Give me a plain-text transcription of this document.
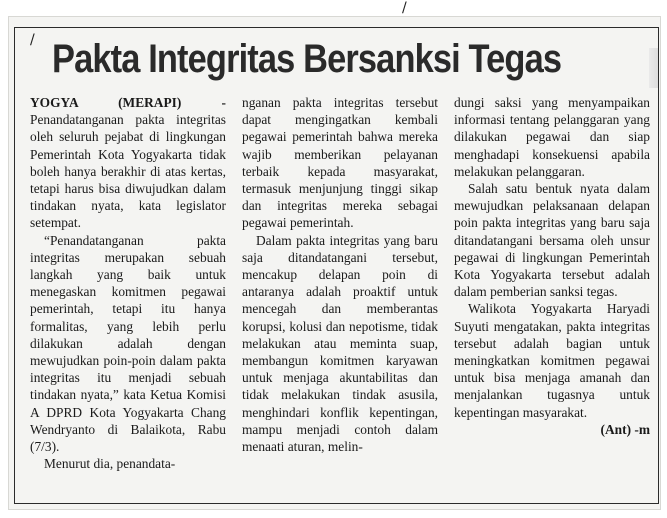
/
/ Pakta Integritas Bersanksi Tegas

YOGYA (MERAPI) - Penandatanganan pakta integritas oleh seluruh pejabat di lingkungan Pemerintah Kota Yogyakarta tidak boleh hanya berakhir di atas kertas, tetapi harus bisa diwujudkan dalam tindakan nyata, kata legislator setempat.

“Penandatanganan pakta integritas merupakan sebuah langkah yang baik untuk menegaskan komitmen pegawai pemerintah, tetapi itu hanya formalitas, yang lebih perlu dilakukan adalah dengan mewujudkan poin-poin dalam pakta integritas itu menjadi sebuah tindakan nyata,” kata Ketua Komisi A DPRD Kota Yogyakarta Chang Wendryanto di Balaikota, Rabu (7/3).

Menurut dia, penandata-

nganan pakta integritas tersebut dapat mengingatkan kembali pegawai pemerintah bahwa mereka wajib memberikan pelayanan terbaik kepada masyarakat, termasuk menjunjung tinggi sikap dan integritas mereka sebagai pegawai pemerintah.

Dalam pakta integritas yang baru saja ditandatangani tersebut, mencakup delapan poin di antaranya adalah proaktif untuk mencegah dan memberantas korupsi, kolusi dan nepotisme, tidak melakukan atau meminta suap, membangun komitmen karyawan untuk menjaga akuntabilitas dan tidak melakukan tindak asusila, menghindari konflik kepentingan, mampu menjadi contoh dalam menaati aturan, melin-

dungi saksi yang menyampaikan informasi tentang pelanggaran yang dilakukan pegawai dan siap menghadapi konsekuensi apabila melakukan pelanggaran.

Salah satu bentuk nyata dalam mewujudkan pelaksanaan delapan poin pakta integritas yang baru saja ditandatangani bersama oleh unsur pegawai di lingkungan Pemerintah Kota Yogyakarta tersebut adalah dalam pemberian sanksi tegas.

Walikota Yogyakarta Haryadi Suyuti mengatakan, pakta integritas tersebut adalah bagian untuk meningkatkan komitmen pegawai untuk bisa menjaga amanah dan menjalankan tugasnya untuk kepentingan masyarakat.

(Ant) -m
